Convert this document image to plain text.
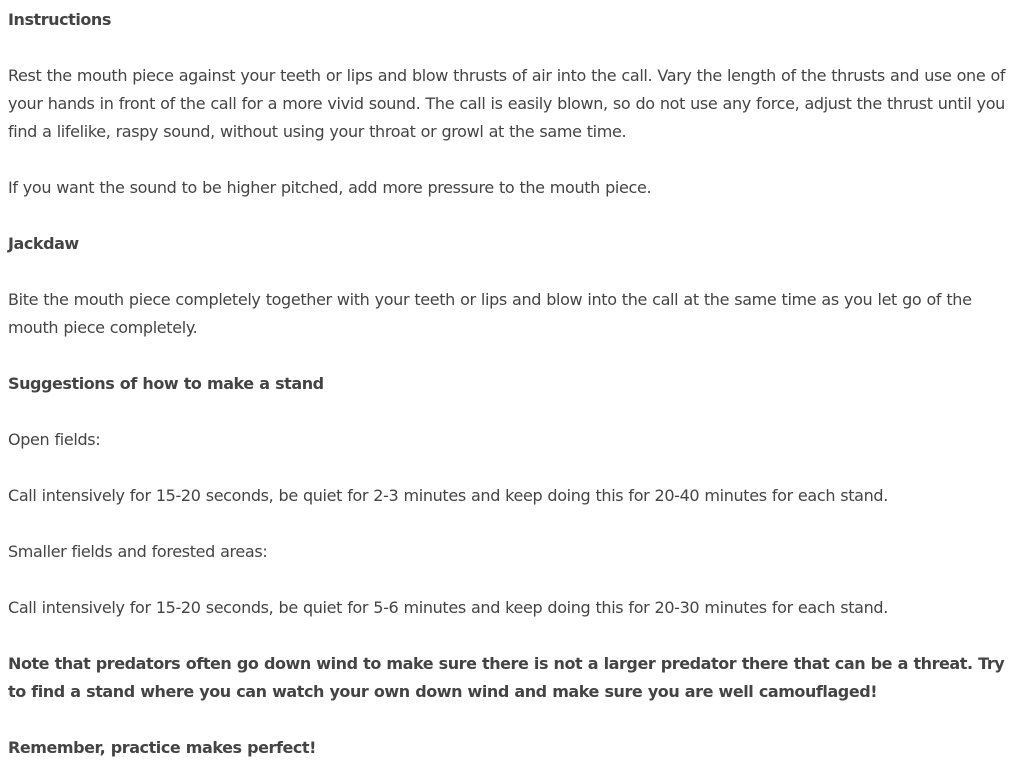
Instructions

Rest the mouth piece against your teeth or lips and blow thrusts of air into the call. Vary the length of the thrusts and use one of your hands in front of the call for a more vivid sound. The call is easily blown, so do not use any force, adjust the thrust until you find a lifelike, raspy sound, without using your throat or growl at the same time.

If you want the sound to be higher pitched, add more pressure to the mouth piece.

Jackdaw

Bite the mouth piece completely together with your teeth or lips and blow into the call at the same time as you let go of the mouth piece completely.

Suggestions of how to make a stand

Open fields:

Call intensively for 15-20 seconds, be quiet for 2-3 minutes and keep doing this for 20-40 minutes for each stand.

Smaller fields and forested areas:

Call intensively for 15-20 seconds, be quiet for 5-6 minutes and keep doing this for 20-30 minutes for each stand.

Note that predators often go down wind to make sure there is not a larger predator there that can be a threat. Try to find a stand where you can watch your own down wind and make sure you are well camouflaged!

Remember, practice makes perfect!
